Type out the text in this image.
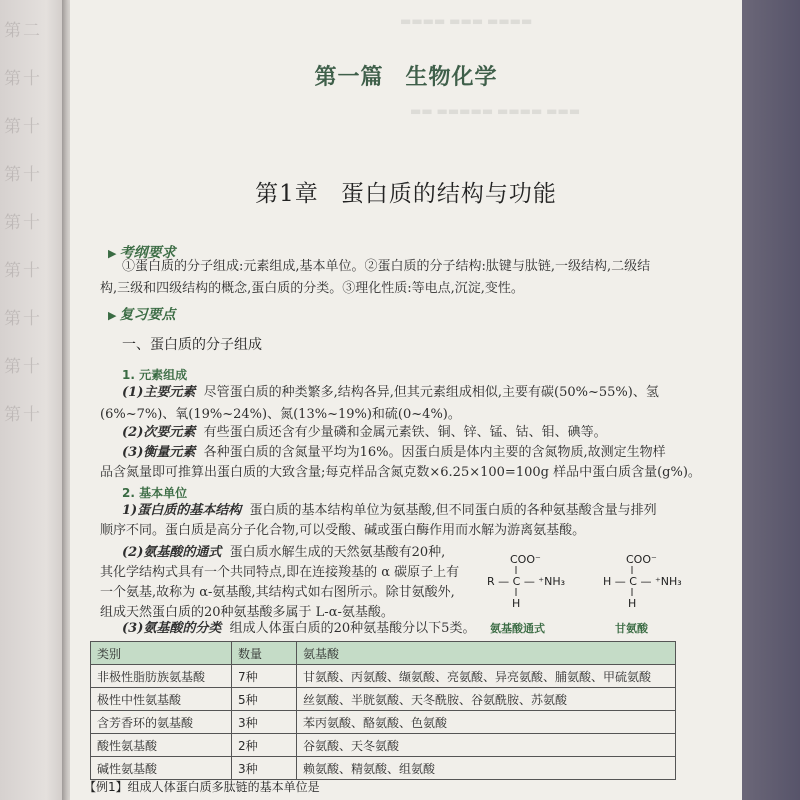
第二
第十
第十
第十
第十
第十
第十
第十
第十
▬▬▬▬ ▬▬▬ ▬▬▬▬
▬▬ ▬▬▬▬▬ ▬▬▬▬ ▬▬▬
第一篇 生物化学
第1章 蛋白质的结构与功能
▶ 考纲要求
①蛋白质的分子组成:元素组成,基本单位。②蛋白质的分子结构:肽键与肽链,一级结构,二级结
构,三级和四级结构的概念,蛋白质的分类。③理化性质:等电点,沉淀,变性。
▶ 复习要点
一、蛋白质的分子组成
1. 元素组成
(1)主要元素 尽管蛋白质的种类繁多,结构各异,但其元素组成相似,主要有碳(50%~55%)、氢
(6%~7%)、氧(19%~24%)、氮(13%~19%)和硫(0~4%)。
(2)次要元素 有些蛋白质还含有少量磷和金属元素铁、铜、锌、锰、钴、钼、碘等。
(3)衡量元素 各种蛋白质的含氮量平均为16%。因蛋白质是体内主要的含氮物质,故测定生物样
品含氮量即可推算出蛋白质的大致含量;每克样品含氮克数×6.25×100=100g 样品中蛋白质含量(g%)。
2. 基本单位
1)蛋白质的基本结构 蛋白质的基本结构单位为氨基酸,但不同蛋白质的各种氨基酸含量与排列
顺序不同。蛋白质是高分子化合物,可以受酸、碱或蛋白酶作用而水解为游离氨基酸。
(2)氨基酸的通式 蛋白质水解生成的天然氨基酸有20种,
其化学结构式具有一个共同特点,即在连接羧基的 α 碳原子上有
一个氨基,故称为 α-氨基酸,其结构式如右图所示。除甘氨酸外,
组成天然蛋白质的20种氨基酸多属于 L-α-氨基酸。
(3)氨基酸的分类 组成人体蛋白质的20种氨基酸分以下5类。
COO⁻
R — C — ⁺NH₃
H
氨基酸通式
COO⁻
H — C — ⁺NH₃
H
甘氨酸
类别	数量	氨基酸
非极性脂肪族氨基酸	7种	甘氨酸、丙氨酸、缬氨酸、亮氨酸、异亮氨酸、脯氨酸、甲硫氨酸
极性中性氨基酸	5种	丝氨酸、半胱氨酸、天冬酰胺、谷氨酰胺、苏氨酸
含芳香环的氨基酸	3种	苯丙氨酸、酪氨酸、色氨酸
酸性氨基酸	2种	谷氨酸、天冬氨酸
碱性氨基酸	3种	赖氨酸、精氨酸、组氨酸
【例1】组成人体蛋白质多肽链的基本单位是
